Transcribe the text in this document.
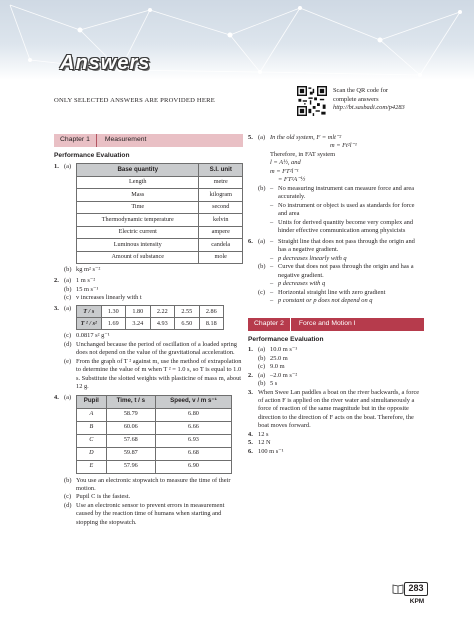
Answers
ONLY SELECTED ANSWERS ARE PROVIDED HERE
Scan the QR code for
complete answers
http://bt.sasbadi.com/p4283
Chapter 1	Measurement
Performance Evaluation
1. (a)	Base quantity	S.I. unit
Length	metre
Mass	kilogram
Time	second
Thermodynamic temperature	kelvin
Electric current	ampere
Luminous intensity	candela
Amount of substance	mole
(b) kg m² s⁻²
2. (a) 1 m s⁻²
(b) 15 m s⁻¹
(c) v increases linearly with t
3. (a)	T / s	1.30	1.80	2.22	2.55	2.86
T ² / s²	1.69	3.24	4.93	6.50	8.18
(c) 0.0817 s² g⁻¹
(d) Unchanged because the period of oscillation of a loaded spring does not depend on the value of the gravitational acceleration.
(e) From the graph of T ² against m, use the method of extrapolation to determine the value of m when T ² = 1.0 s, so T is equal to 1.0 s. Substitute the slotted weights with plasticine of mass m, about 12 g.
4. (a)	Pupil	Time, t / s	Speed, v / m s⁻¹
A	58.79	6.80
B	60.06	6.66
C	57.68	6.93
D	59.87	6.68
E	57.96	6.90
(b) You use an electronic stopwatch to measure the time of their motion.
(c) Pupil C is the fastest.
(d) Use an electronic sensor to prevent errors in measurement caused by the reaction time of humans when starting and stopping the stopwatch.
5. (a) In the old system, F = mlt⁻²
m = Ft²l⁻¹
Therefore, in FAT system
l = A½, and
m = FT²l⁻¹
= FT²A⁻½
(b) – No measuring instrument can measure force and area accurately.
– No instrument or object is used as standards for force and area
– Units for derived quantity become very complex and hinder effective communication among physicists
6. (a) – Straight line that does not pass through the origin and has a negative gradient.
– p decreases linearly with q
(b) – Curve that does not pass through the origin and has a negative gradient.
– p decreases with q
(c) – Horizontal straight line with zero gradient
– p constant or p does not depend on q
Chapter 2	Force and Motion I
Performance Evaluation
1. (a) 10.0 m s⁻¹
(b) 25.0 m
(c) 9.0 m
2. (a) –2.0 m s⁻²
(b) 5 s
3. When Swee Lan paddles a boat on the river backwards, a force of action F is applied on the river water and simultaneously a force of reaction of the same magnitude but in the opposite direction to the direction of F acts on the boat. Therefore, the boat moves forward.
4. 12 s
5. 12 N
6. 100 m s⁻¹
283
KPM
